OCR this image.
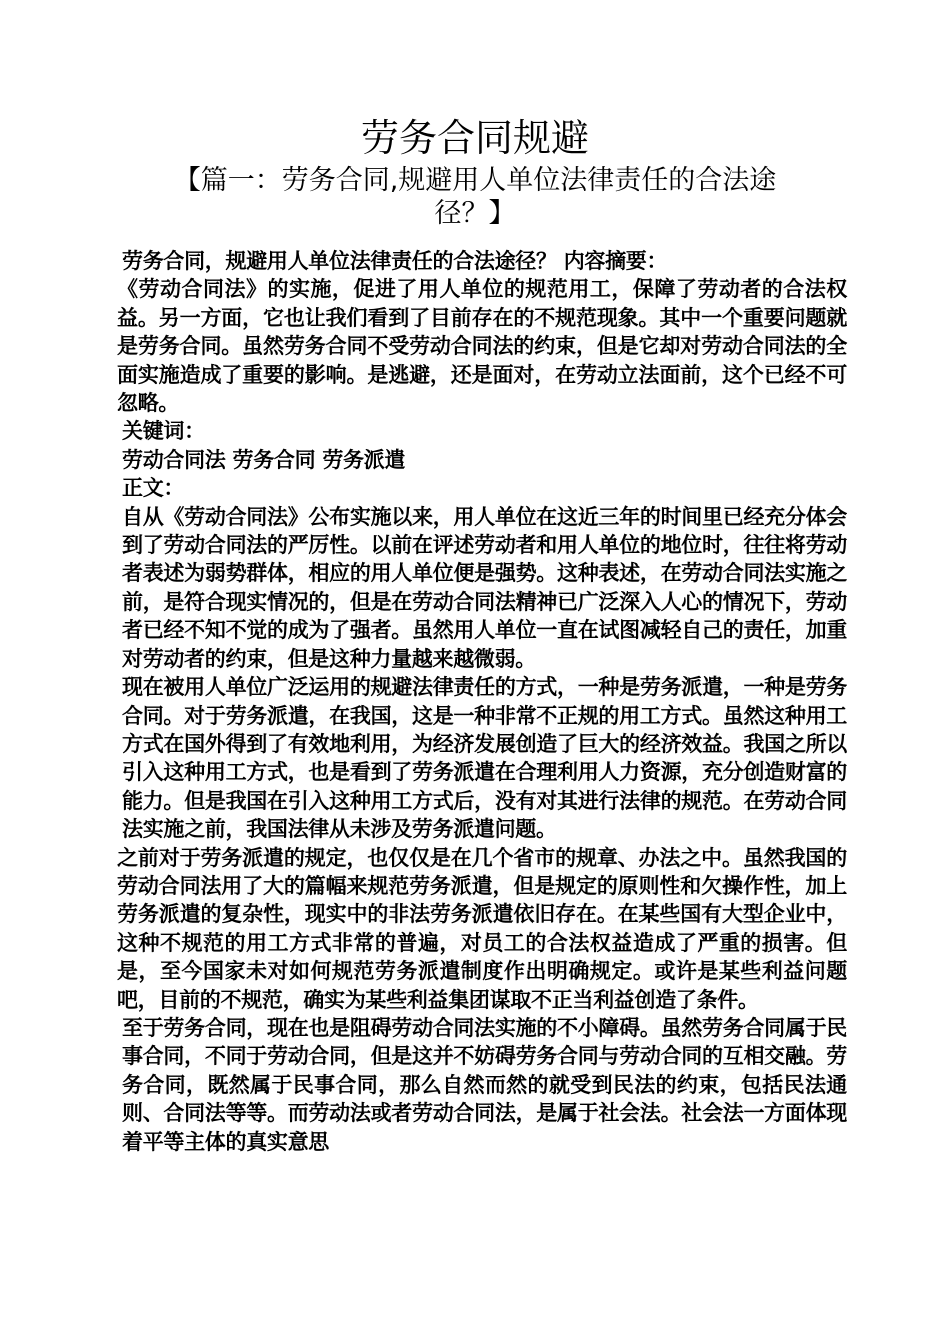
劳务合同规避
【篇一：劳务合同,规避用人单位法律责任的合法途径？】

劳务合同，规避用人单位法律责任的合法途径？ 内容摘要：

《劳动合同法》的实施，促进了用人单位的规范用工，保障了劳动者的合法权益。另一方面，它也让我们看到了目前存在的不规范现象。其中一个重要问题就是劳务合同。虽然劳务合同不受劳动合同法的约束，但是它却对劳动合同法的全面实施造成了重要的影响。是逃避，还是面对，在劳动立法面前，这个已经不可忽略。

关键词：

劳动合同法 劳务合同 劳务派遣

正文：

自从《劳动合同法》公布实施以来，用人单位在这近三年的时间里已经充分体会到了劳动合同法的严厉性。以前在评述劳动者和用人单位的地位时，往往将劳动者表述为弱势群体，相应的用人单位便是强势。这种表述，在劳动合同法实施之前，是符合现实情况的，但是在劳动合同法精神已广泛深入人心的情况下，劳动者已经不知不觉的成为了强者。虽然用人单位一直在试图减轻自己的责任，加重对劳动者的约束，但是这种力量越来越微弱。

现在被用人单位广泛运用的规避法律责任的方式，一种是劳务派遣，一种是劳务合同。对于劳务派遣，在我国，这是一种非常不正规的用工方式。虽然这种用工方式在国外得到了有效地利用，为经济发展创造了巨大的经济效益。我国之所以引入这种用工方式，也是看到了劳务派遣在合理利用人力资源，充分创造财富的能力。但是我国在引入这种用工方式后，没有对其进行法律的规范。在劳动合同法实施之前，我国法律从未涉及劳务派遣问题。

之前对于劳务派遣的规定，也仅仅是在几个省市的规章、办法之中。虽然我国的劳动合同法用了大的篇幅来规范劳务派遣，但是规定的原则性和欠操作性，加上劳务派遣的复杂性，现实中的非法劳务派遣依旧存在。在某些国有大型企业中，这种不规范的用工方式非常的普遍，对员工的合法权益造成了严重的损害。但是，至今国家未对如何规范劳务派遣制度作出明确规定。或许是某些利益问题吧，目前的不规范，确实为某些利益集团谋取不正当利益创造了条件。

至于劳务合同，现在也是阻碍劳动合同法实施的不小障碍。虽然劳务合同属于民事合同，不同于劳动合同，但是这并不妨碍劳务合同与劳动合同的互相交融。劳务合同，既然属于民事合同，那么自然而然的就受到民法的约束，包括民法通则、合同法等等。而劳动法或者劳动合同法，是属于社会法。社会法一方面体现着平等主体的真实意思
